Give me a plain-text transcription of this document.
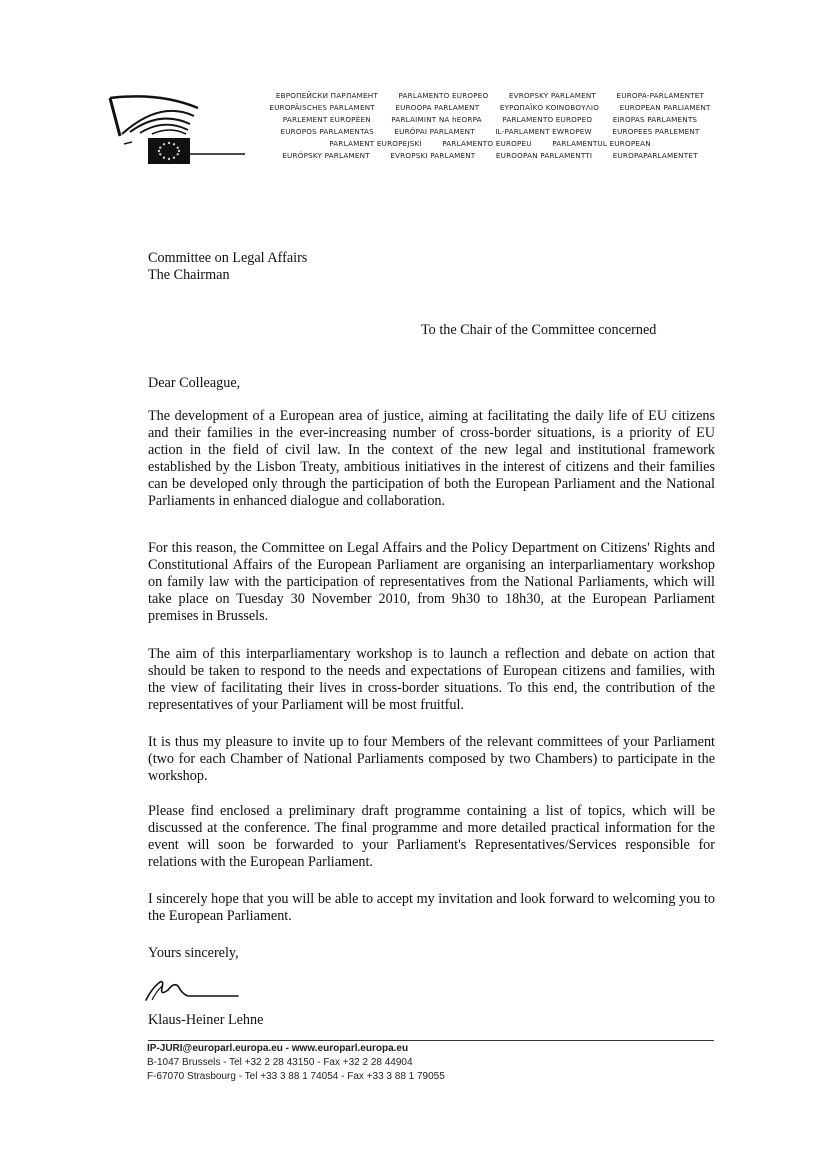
ЕВРОПЕЙСКИ ПАРЛАМЕНТ	PARLAMENTO EUROPEO	EVROPSKÝ PARLAMENT	EUROPA-PARLAMENTET
EUROPÄISCHES PARLAMENT	EUROOPA PARLAMENT	ΕΥΡΩΠΑΪΚΟ ΚΟΙΝΟΒΟΥΛΙΟ	EUROPEAN PARLIAMENT
PARLEMENT EUROPÉEN	PARLAIMINT NA hEORPA	PARLAMENTO EUROPEO	EIROPAS PARLAMENTS
EUROPOS PARLAMENTAS	EURÓPAI PARLAMENT	IL-PARLAMENT EWROPEW	EUROPEES PARLEMENT
PARLAMENT EUROPEJSKI	PARLAMENTO EUROPEU	PARLAMENTUL EUROPEAN
EURÓPSKY PARLAMENT	EVROPSKI PARLAMENT	EUROOPAN PARLAMENTTI	EUROPAPARLAMENTET
Committee on Legal Affairs
The Chairman
To the Chair of the Committee concerned
Dear Colleague,

The development of a European area of justice, aiming at facilitating the daily life of EU citizens and their families in the ever-increasing number of cross-border situations, is a priority of EU action in the field of civil law. In the context of the new legal and institutional framework established by the Lisbon Treaty, ambitious initiatives in the interest of citizens and their families can be developed only through the participation of both the European Parliament and the National Parliaments in enhanced dialogue and collaboration.

For this reason, the Committee on Legal Affairs and the Policy Department on Citizens' Rights and Constitutional Affairs of the European Parliament are organising an interparliamentary workshop on family law with the participation of representatives from the National Parliaments, which will take place on Tuesday 30 November 2010, from 9h30 to 18h30, at the European Parliament premises in Brussels.

The aim of this interparliamentary workshop is to launch a reflection and debate on action that should be taken to respond to the needs and expectations of European citizens and families, with the view of facilitating their lives in cross-border situations. To this end, the contribution of the representatives of your Parliament will be most fruitful.

It is thus my pleasure to invite up to four Members of the relevant committees of your Parliament (two for each Chamber of National Parliaments composed by two Chambers) to participate in the workshop.

Please find enclosed a preliminary draft programme containing a list of topics, which will be discussed at the conference. The final programme and more detailed practical information for the event will soon be forwarded to your Parliament's Representatives/Services responsible for relations with the European Parliament.

I sincerely hope that you will be able to accept my invitation and look forward to welcoming you to the European Parliament.

Yours sincerely,
Klaus-Heiner Lehne
IP-JURI@europarl.europa.eu - www.europarl.europa.eu
B-1047 Brussels - Tel +32 2 28 43150 - Fax +32 2 28 44904
F-67070 Strasbourg - Tel +33 3 88 1 74054 - Fax +33 3 88 1 79055
